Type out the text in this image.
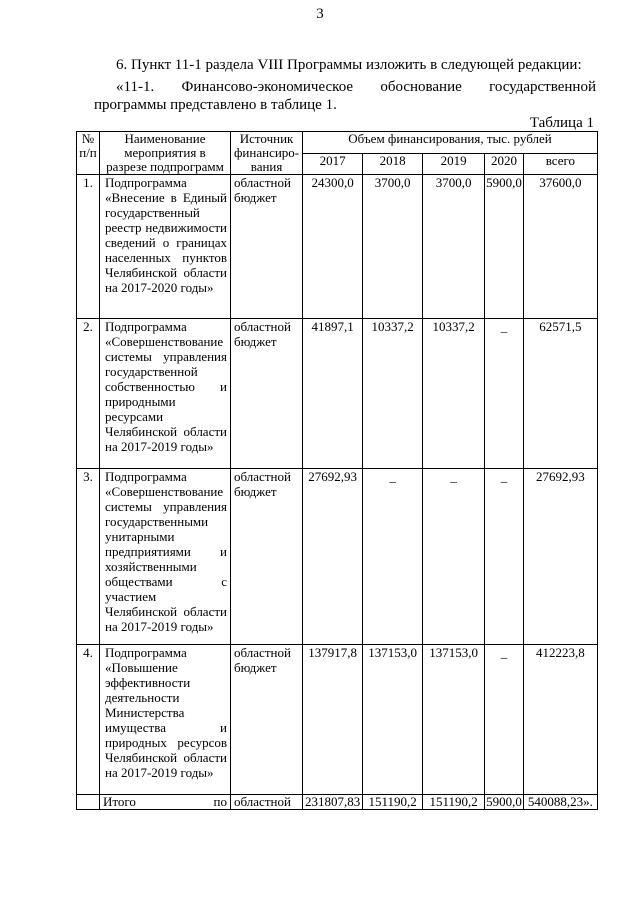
3
6. Пункт 11-1 раздела VIII Программы изложить в следующей редакции:
«11-1. Финансово-экономическое обоснование государственной
программы представлено в таблице 1.
Таблица 1
№ п/п	Наименование мероприятия в разрезе подпрограмм	Источник финансиро-вания	Объем финансирования, тыс. рублей				
			2017	2018	2019	2020	всего
1.	Подпрограмма «Внесение в Единый государственный реестр недвижимости сведений о границах населенных пунктов Челябинской области на 2017-2020 годы»	областной бюджет	24300,0	3700,0	3700,0	5900,0	37600,0
2.	Подпрограмма «Совершенствование системы управления государственной собственностью и природными ресурсами Челябинской области на 2017-2019 годы»	областной бюджет	41897,1	10337,2	10337,2	_	62571,5
3.	Подпрограмма «Совершенствование системы управления государственными унитарными предприятиями и хозяйственными обществами с участием Челябинской области на 2017-2019 годы»	областной бюджет	27692,93	_	_	_	27692,93
4.	Подпрограмма «Повышение эффективности деятельности Министерства имущества и природных ресурсов Челябинской области на 2017-2019 годы»	областной бюджет	137917,8	137153,0	137153,0	_	412223,8

	Итого по	областной	231807,83	151190,2	151190,2	5900,0	540088,23».
